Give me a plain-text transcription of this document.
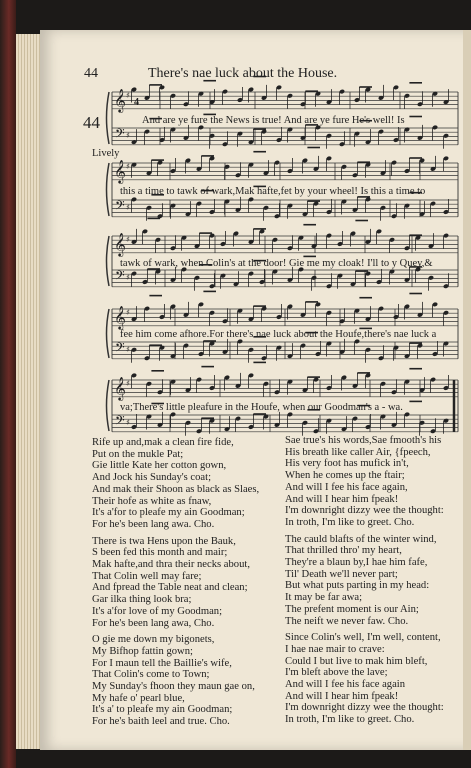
44	There's nae luck about the House.
𝄞
𝄢
♯
♯
And are ye fure the News is true! And are ye fure He's well! Is
𝄞
𝄢
♯
♯
this a time to tawk of wark,Mak hafte,fet by your wheel! Is this a time to
𝄞
𝄢
♯
♯
tawk of wark, when Colin's at the door! Gie me my cloak! I'll to y Quey,&
𝄞
𝄢
♯
♯
fee him come afhore.For there's nae luck about the Houfe,there's nae luck a
𝄞
𝄢
♯
♯
va;There's little pleafure in the Houfe, when our Goodman's a - wa.
4
44
Lively
Rife up and,mak a clean fire fide,
Put on the mukle Pat;
Gie little Kate her cotton gown,
And Jock his Sunday's coat;
And mak their Shoon as black as Slaes,
Their hofe as white as fnaw,
It's a'for to pleafe my ain Goodman;
For he's been lang awa. Cho.
There is twa Hens upon the Bauk,
S been fed this month and mair;
Mak hafte,and thra their necks about,
That Colin well may fare;
And fpread the Table neat and clean;
Gar ilka thing look bra;
It's a'for love of my Goodman;
For he's been lang awa, Cho.
O gie me down my bigonets,
My Bifhop fattin gown;
For I maun tell the Baillie's wife,
That Colin's come to Town;
My Sunday's fhoon they maun gae on,
My hafe o' pearl blue,
It's a' to pleafe my ain Goodman;
For he's baith leel and true. Cho.
Sae true's his words,Sae fmooth's his
His breath like caller Air, {fpeech,
His very foot has mufick in't,
When he comes up the ftair;
And will I fee his face again,
And will I hear him fpeak!
I'm downright dizzy wee the thought:
In troth, I'm like to greet. Cho.
The cauld blafts of the winter wind,
That thrilled thro' my heart,
They're a blaun by,I hae him fafe,
Til' Death we'll never part;
But what puts parting in my head:
It may be far awa;
The prefent moment is our Ain;
The neift we never faw. Cho.
Since Colin's well, I'm well, content,
I hae nae mair to crave:
Could I but live to mak him bleft,
I'm bleft above the lave;
And will I fee his face again
And will I hear him fpeak!
I'm downright dizzy wee the thought:
In troth, I'm like to greet. Cho.
